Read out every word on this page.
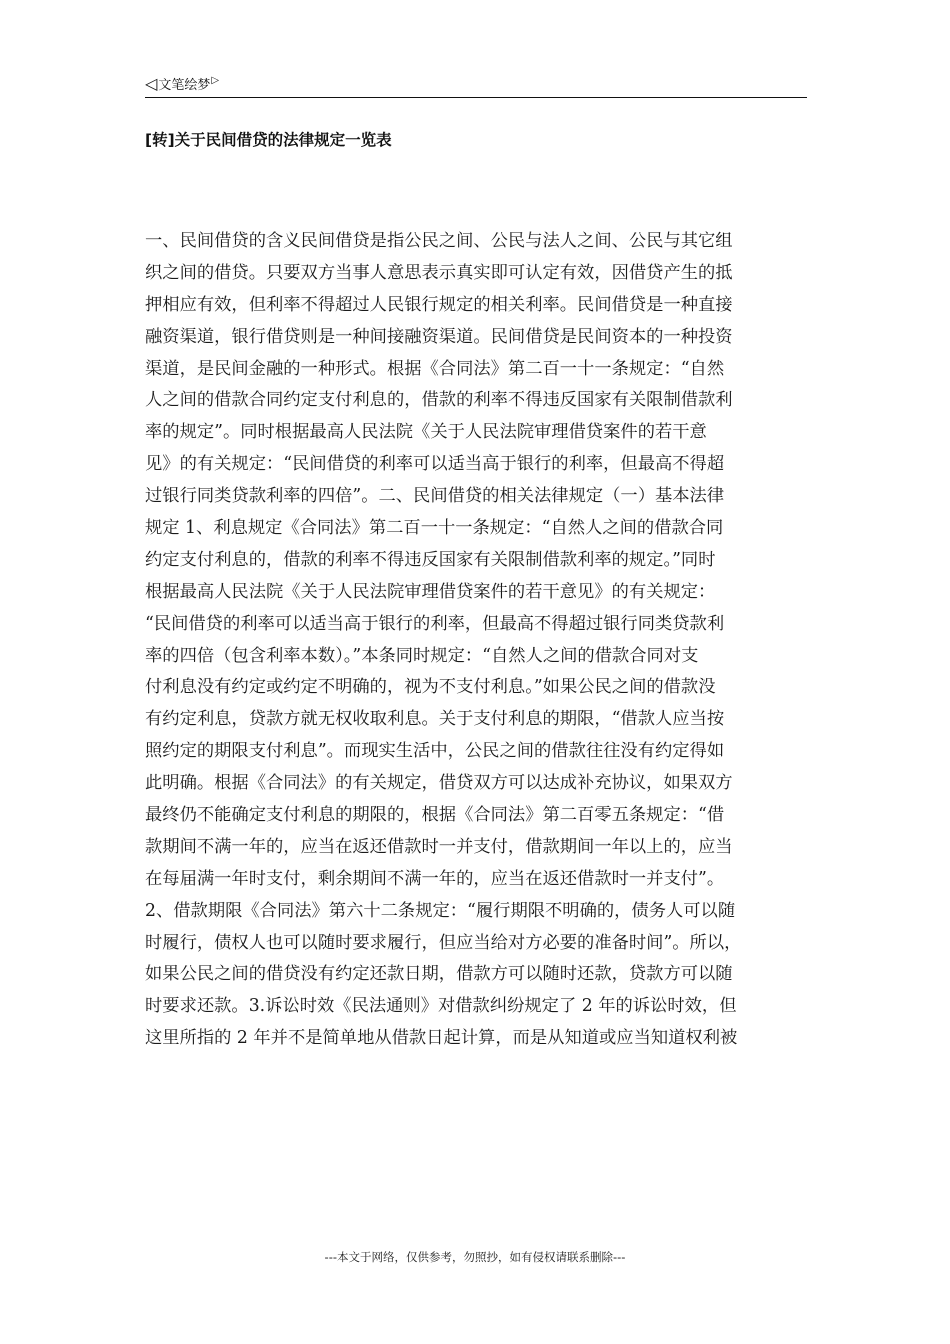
◁ 文笔绘梦 ▷
[转]关于民间借贷的法律规定一览表
一、民间借贷的含义民间借贷是指公民之间、公民与法人之间、公民与其它组
织之间的借贷。只要双方当事人意思表示真实即可认定有效，因借贷产生的抵
押相应有效，但利率不得超过人民银行规定的相关利率。民间借贷是一种直接
融资渠道，银行借贷则是一种间接融资渠道。民间借贷是民间资本的一种投资
渠道，是民间金融的一种形式。根据《合同法》第二百一十一条规定：“自然
人之间的借款合同约定支付利息的，借款的利率不得违反国家有关限制借款利
率的规定”。同时根据最高人民法院《关于人民法院审理借贷案件的若干意
见》的有关规定：“民间借贷的利率可以适当高于银行的利率，但最高不得超
过银行同类贷款利率的四倍”。二、民间借贷的相关法律规定（一）基本法律
规定 1、利息规定《合同法》第二百一十一条规定：“自然人之间的借款合同
约定支付利息的，借款的利率不得违反国家有关限制借款利率的规定。”同时
根据最高人民法院《关于人民法院审理借贷案件的若干意见》的有关规定：
“民间借贷的利率可以适当高于银行的利率，但最高不得超过银行同类贷款利
率的四倍（包含利率本数）。”本条同时规定：“自然人之间的借款合同对支
付利息没有约定或约定不明确的，视为不支付利息。”如果公民之间的借款没
有约定利息，贷款方就无权收取利息。关于支付利息的期限，“借款人应当按
照约定的期限支付利息”。而现实生活中，公民之间的借款往往没有约定得如
此明确。根据《合同法》的有关规定，借贷双方可以达成补充协议，如果双方
最终仍不能确定支付利息的期限的，根据《合同法》第二百零五条规定：“借
款期间不满一年的，应当在返还借款时一并支付，借款期间一年以上的，应当
在每届满一年时支付，剩余期间不满一年的，应当在返还借款时一并支付”。
2、借款期限《合同法》第六十二条规定：“履行期限不明确的，债务人可以随
时履行，债权人也可以随时要求履行，但应当给对方必要的准备时间”。所以，
如果公民之间的借贷没有约定还款日期，借款方可以随时还款，贷款方可以随
时要求还款。3.诉讼时效《民法通则》对借款纠纷规定了 2 年的诉讼时效，但
这里所指的 2 年并不是简单地从借款日起计算，而是从知道或应当知道权利被
---本文于网络，仅供参考，勿照抄，如有侵权请联系删除---
